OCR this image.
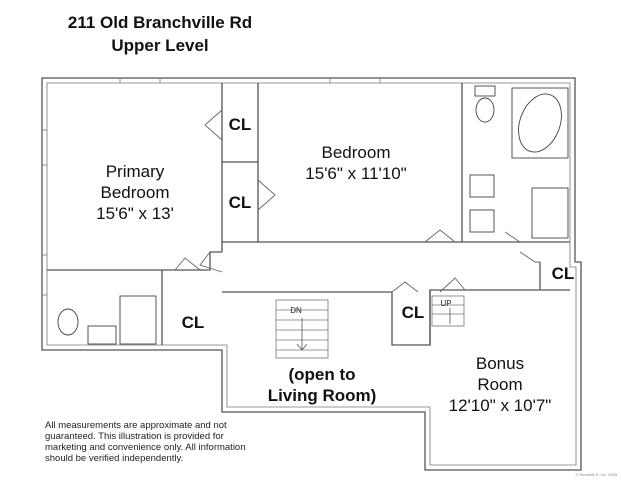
211 Old Branchville Rd
Upper Level
DN
UP
Primary
Bedroom
15'6" x 13'
Bedroom
15'6" x 11'10"
Bonus
Room
12'10" x 10'7"
(open to
Living Room)
CL
CL
CL
CL
CL
All measurements are approximate and not
guaranteed. This illustration is provided for
marketing and convenience only. All information
should be verified independently.
© SmartMLS, Inc. 2025
